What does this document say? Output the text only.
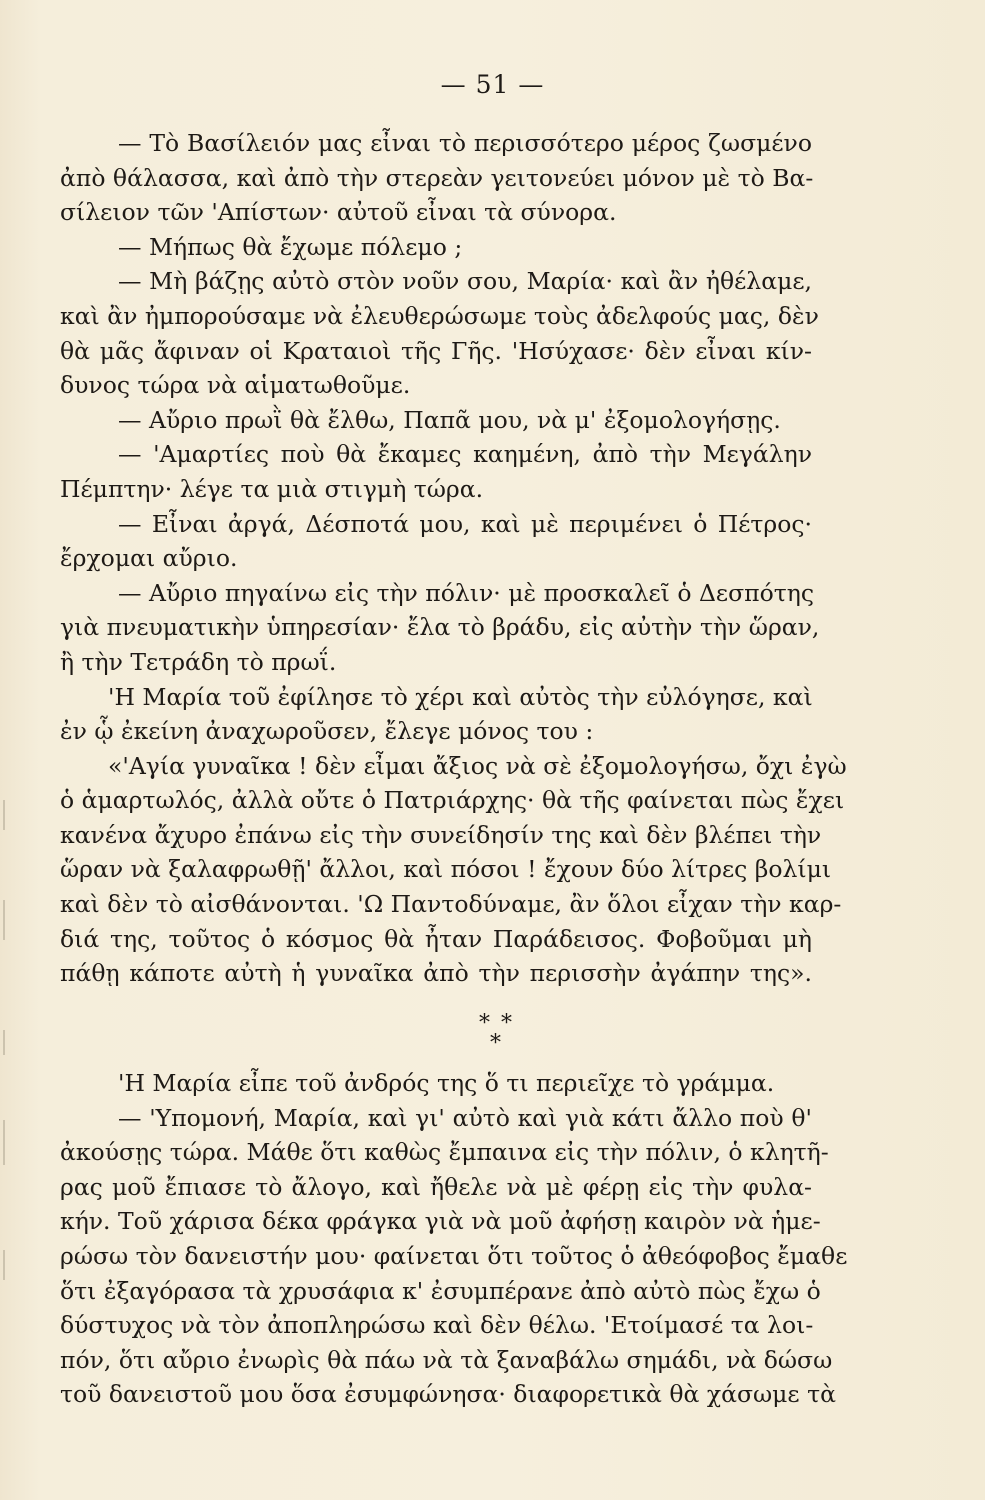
— 51 —
— Τὸ Βασίλειόν μας εἶναι τὸ περισσότερο μέρος ζωσμένο
ἀπὸ θάλασσα, καὶ ἀπὸ τὴν στερεὰν γειτονεύει μόνον μὲ τὸ Βα-
σίλειον τῶν 'Απίστων· αὐτοῦ εἶναι τὰ σύνορα.
— Μήπως θὰ ἔχωμε πόλεμο ;
— Μὴ βάζῃς αὐτὸ στὸν νοῦν σου, Μαρία· καὶ ἂν ἠθέλαμε,
καὶ ἂν ἠμπορούσαμε νὰ ἐλευθερώσωμε τοὺς ἀδελφούς μας, δὲν
θὰ μᾶς ἄφιναν οἱ Κραταιοὶ τῆς Γῆς. 'Ησύχασε· δὲν εἶναι κίν-
δυνος τώρα νὰ αἱματωθοῦμε.
— Αὔριο πρωῒ θὰ ἔλθω, Παπᾶ μου, νὰ μ' ἐξομολογήσῃς.
— 'Αμαρτίες ποὺ θὰ ἔκαμες καημένη, ἀπὸ τὴν Μεγάλην
Πέμπτην· λέγε τα μιὰ στιγμὴ τώρα.
— Εἶναι ἀργά, Δέσποτά μου, καὶ μὲ περιμένει ὁ Πέτρος·
ἔρχομαι αὔριο.
— Αὔριο πηγαίνω εἰς τὴν πόλιν· μὲ προσκαλεῖ ὁ Δεσπότης
γιὰ πνευματικὴν ὑπηρεσίαν· ἔλα τὸ βράδυ, εἰς αὐτὴν τὴν ὥραν,
ἢ τὴν Τετράδη τὸ πρωΐ.
'Η Μαρία τοῦ ἐφίλησε τὸ χέρι καὶ αὐτὸς τὴν εὐλόγησε, καὶ
ἐν ᾧ ἐκείνη ἀναχωροῦσεν, ἔλεγε μόνος του :
«'Αγία γυναῖκα ! δὲν εἶμαι ἄξιος νὰ σὲ ἐξομολογήσω, ὄχι ἐγὼ
ὁ ἁμαρτωλός, ἀλλὰ οὔτε ὁ Πατριάρχης· θὰ τῆς φαίνεται πὼς ἔχει
κανένα ἄχυρο ἐπάνω εἰς τὴν συνείδησίν της καὶ δὲν βλέπει τὴν
ὥραν νὰ ξαλαφρωθῇ' ἄλλοι, καὶ πόσοι ! ἔχουν δύο λίτρες βολίμι
καὶ δὲν τὸ αἰσθάνονται. 'Ω Παντοδύναμε, ἂν ὅλοι εἶχαν τὴν καρ-
διά της, τοῦτος ὁ κόσμος θὰ ἦταν Παράδεισος. Φοβοῦμαι μὴ
πάθῃ κάποτε αὐτὴ ἡ γυναῖκα ἀπὸ τὴν περισσὴν ἀγάπην της».
* *
*
'Η Μαρία εἶπε τοῦ ἀνδρός της ὅ τι περιεῖχε τὸ γράμμα.
— 'Υπομονή, Μαρία, καὶ γι' αὐτὸ καὶ γιὰ κάτι ἄλλο ποὺ θ'
ἀκούσῃς τώρα. Μάθε ὅτι καθὼς ἔμπαινα εἰς τὴν πόλιν, ὁ κλητῆ-
ρας μοῦ ἔπιασε τὸ ἄλογο, καὶ ἤθελε νὰ μὲ φέρῃ εἰς τὴν φυλα-
κήν. Τοῦ χάρισα δέκα φράγκα γιὰ νὰ μοῦ ἀφήσῃ καιρὸν νὰ ἡμε-
ρώσω τὸν δανειστήν μου· φαίνεται ὅτι τοῦτος ὁ ἀθεόφοβος ἔμαθε
ὅτι ἐξαγόρασα τὰ χρυσάφια κ' ἐσυμπέρανε ἀπὸ αὐτὸ πὼς ἔχω ὁ
δύστυχος νὰ τὸν ἀποπληρώσω καὶ δὲν θέλω. 'Ετοίμασέ τα λοι-
πόν, ὅτι αὔριο ἐνωρὶς θὰ πάω νὰ τὰ ξαναβάλω σημάδι, νὰ δώσω
τοῦ δανειστοῦ μου ὅσα ἐσυμφώνησα· διαφορετικὰ θὰ χάσωμε τὰ
